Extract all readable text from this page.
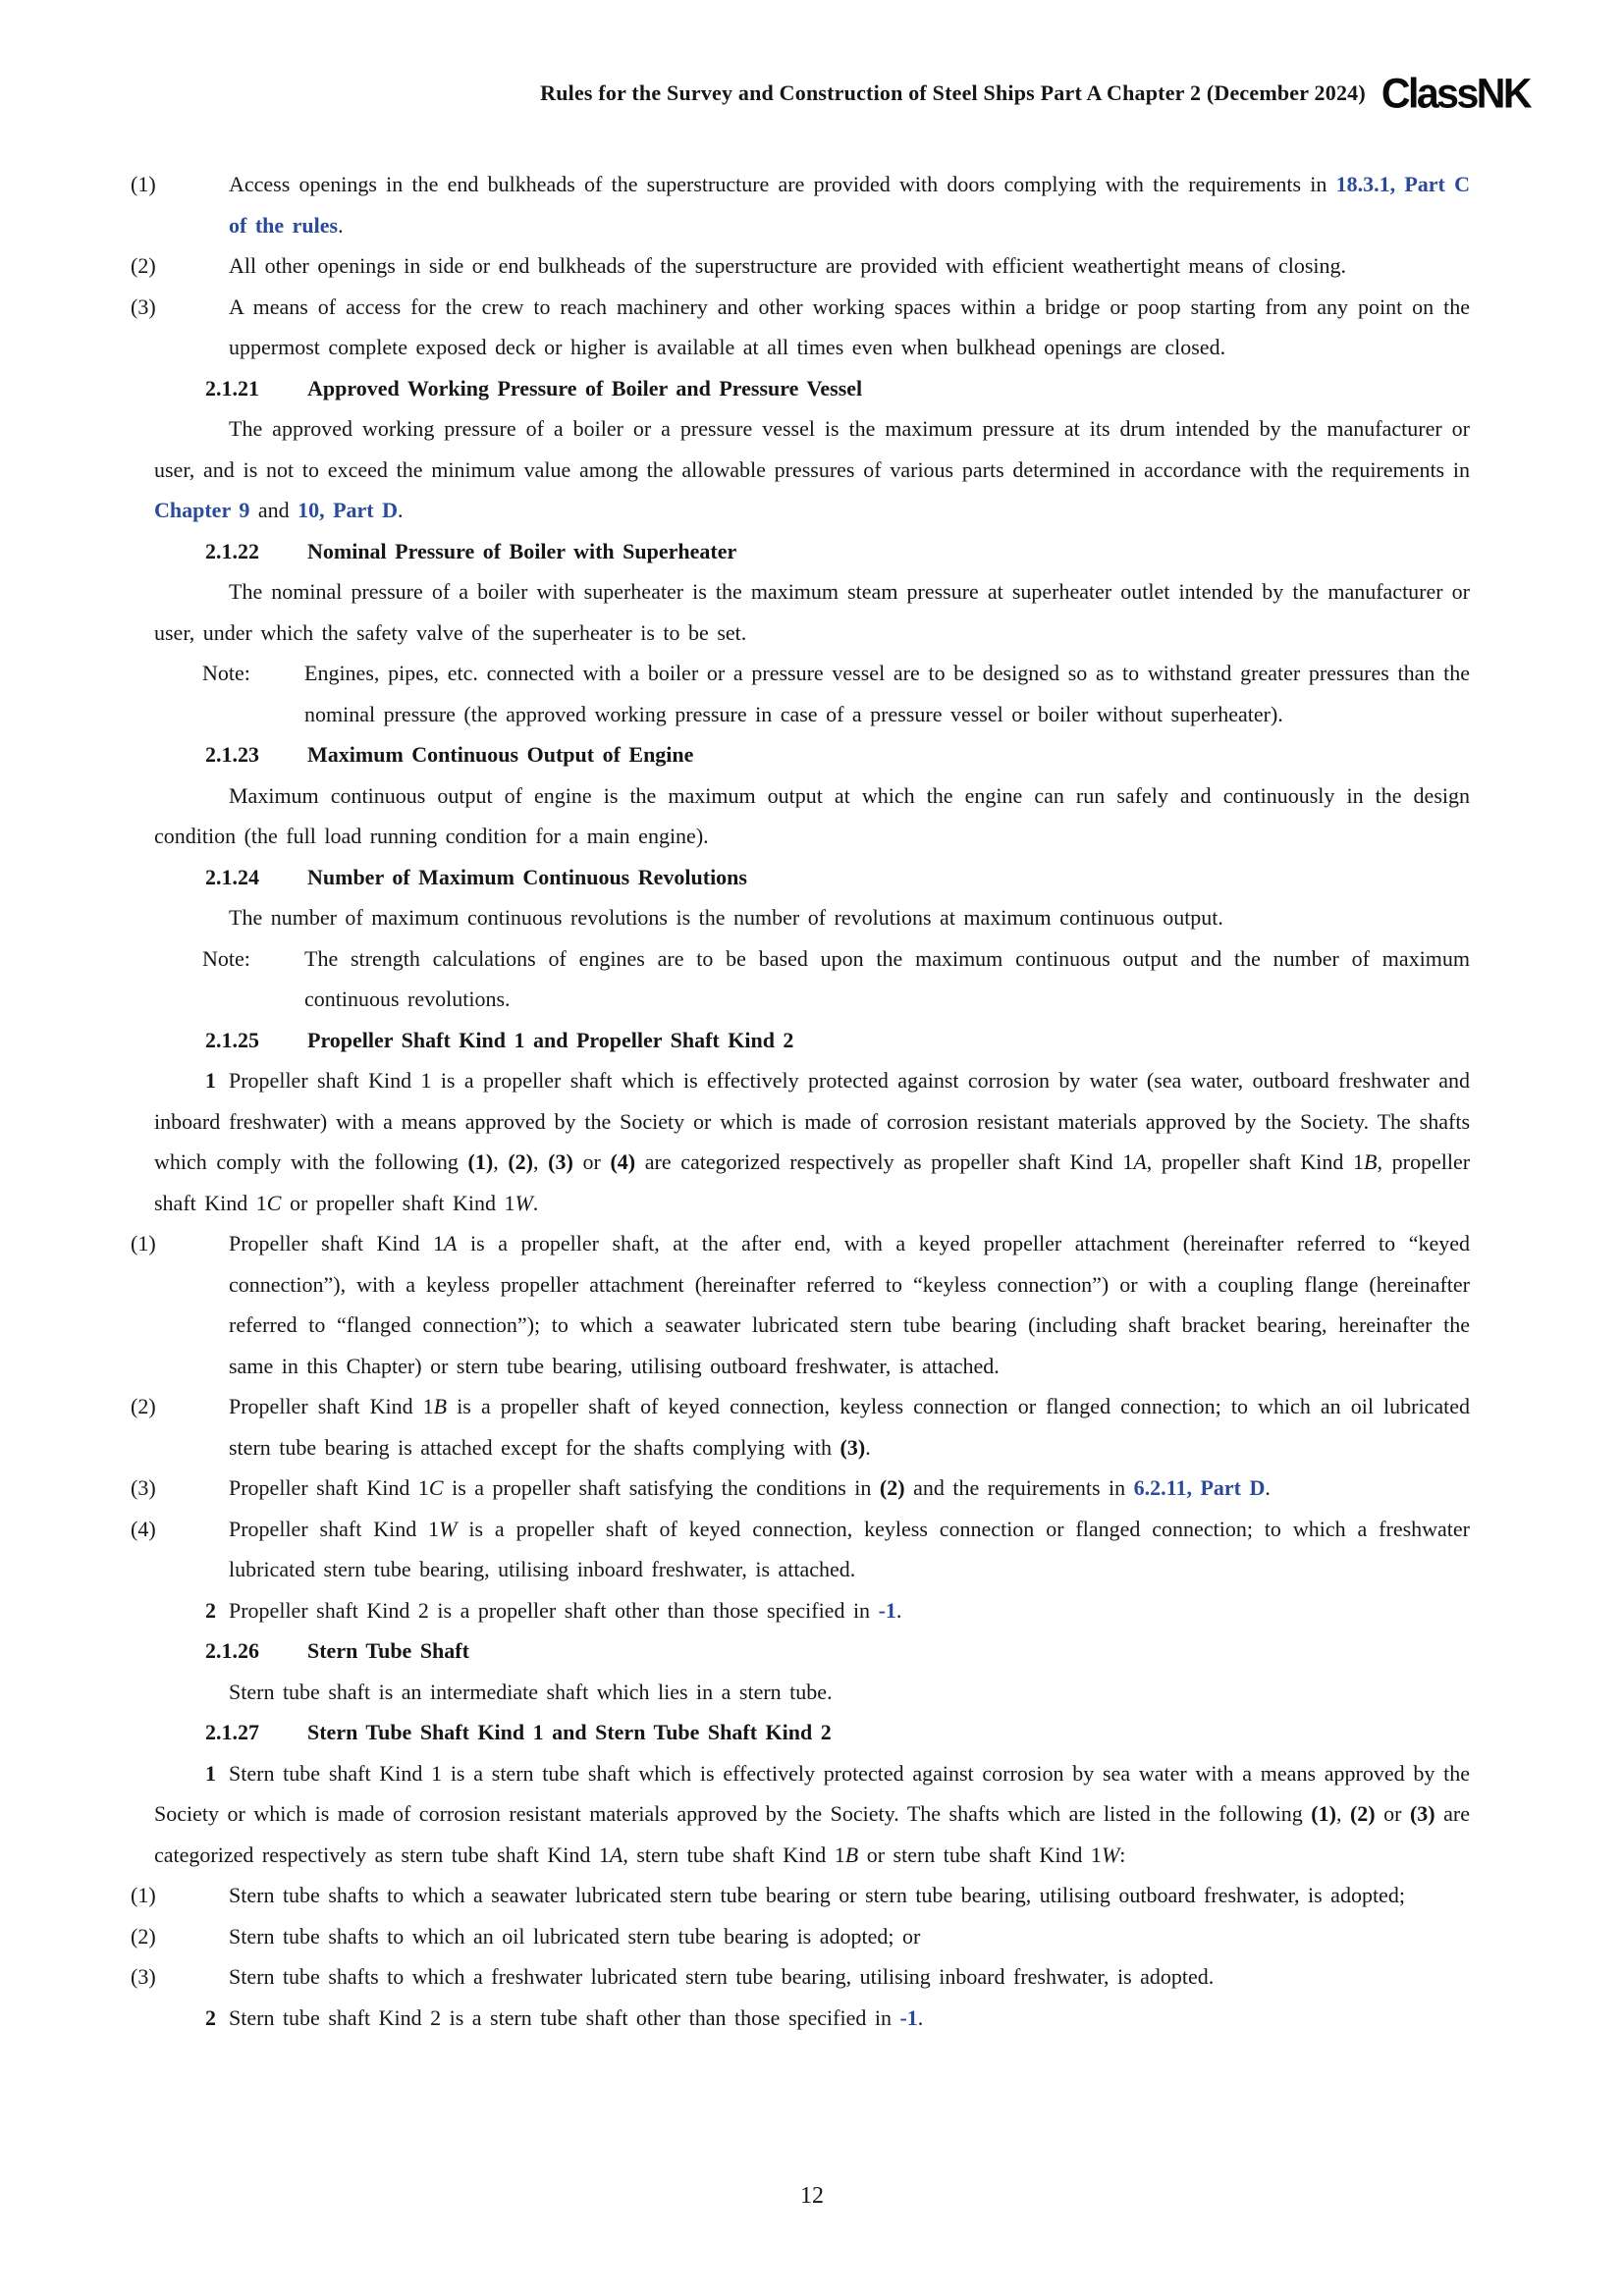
Rules for the Survey and Construction of Steel Ships Part A Chapter 2 (December 2024) ClassNK
(1)	Access openings in the end bulkheads of the superstructure are provided with doors complying with the requirements in 18.3.1, Part C of the rules.
(2)	All other openings in side or end bulkheads of the superstructure are provided with efficient weathertight means of closing.
(3)	A means of access for the crew to reach machinery and other working spaces within a bridge or poop starting from any point on the uppermost complete exposed deck or higher is available at all times even when bulkhead openings are closed.
2.1.21 Approved Working Pressure of Boiler and Pressure Vessel
The approved working pressure of a boiler or a pressure vessel is the maximum pressure at its drum intended by the manufacturer or user, and is not to exceed the minimum value among the allowable pressures of various parts determined in accordance with the requirements in Chapter 9 and 10, Part D.
2.1.22 Nominal Pressure of Boiler with Superheater
The nominal pressure of a boiler with superheater is the maximum steam pressure at superheater outlet intended by the manufacturer or user, under which the safety valve of the superheater is to be set.
Note:	Engines, pipes, etc. connected with a boiler or a pressure vessel are to be designed so as to withstand greater pressures than the nominal pressure (the approved working pressure in case of a pressure vessel or boiler without superheater).
2.1.23 Maximum Continuous Output of Engine
Maximum continuous output of engine is the maximum output at which the engine can run safely and continuously in the design condition (the full load running condition for a main engine).
2.1.24 Number of Maximum Continuous Revolutions
The number of maximum continuous revolutions is the number of revolutions at maximum continuous output.
Note:	The strength calculations of engines are to be based upon the maximum continuous output and the number of maximum continuous revolutions.
2.1.25 Propeller Shaft Kind 1 and Propeller Shaft Kind 2
1 Propeller shaft Kind 1 is a propeller shaft which is effectively protected against corrosion by water (sea water, outboard freshwater and inboard freshwater) with a means approved by the Society or which is made of corrosion resistant materials approved by the Society. The shafts which comply with the following (1), (2), (3) or (4) are categorized respectively as propeller shaft Kind 1A, propeller shaft Kind 1B, propeller shaft Kind 1C or propeller shaft Kind 1W.
(1)	Propeller shaft Kind 1A is a propeller shaft, at the after end, with a keyed propeller attachment (hereinafter referred to “keyed connection”), with a keyless propeller attachment (hereinafter referred to “keyless connection”) or with a coupling flange (hereinafter referred to “flanged connection”); to which a seawater lubricated stern tube bearing (including shaft bracket bearing, hereinafter the same in this Chapter) or stern tube bearing, utilising outboard freshwater, is attached.
(2)	Propeller shaft Kind 1B is a propeller shaft of keyed connection, keyless connection or flanged connection; to which an oil lubricated stern tube bearing is attached except for the shafts complying with (3).
(3)	Propeller shaft Kind 1C is a propeller shaft satisfying the conditions in (2) and the requirements in 6.2.11, Part D.
(4)	Propeller shaft Kind 1W is a propeller shaft of keyed connection, keyless connection or flanged connection; to which a freshwater lubricated stern tube bearing, utilising inboard freshwater, is attached.
2 Propeller shaft Kind 2 is a propeller shaft other than those specified in -1.
2.1.26 Stern Tube Shaft
Stern tube shaft is an intermediate shaft which lies in a stern tube.
2.1.27 Stern Tube Shaft Kind 1 and Stern Tube Shaft Kind 2
1 Stern tube shaft Kind 1 is a stern tube shaft which is effectively protected against corrosion by sea water with a means approved by the Society or which is made of corrosion resistant materials approved by the Society. The shafts which are listed in the following (1), (2) or (3) are categorized respectively as stern tube shaft Kind 1A, stern tube shaft Kind 1B or stern tube shaft Kind 1W:
(1)	Stern tube shafts to which a seawater lubricated stern tube bearing or stern tube bearing, utilising outboard freshwater, is adopted;
(2)	Stern tube shafts to which an oil lubricated stern tube bearing is adopted; or
(3)	Stern tube shafts to which a freshwater lubricated stern tube bearing, utilising inboard freshwater, is adopted.
2 Stern tube shaft Kind 2 is a stern tube shaft other than those specified in -1.
12
